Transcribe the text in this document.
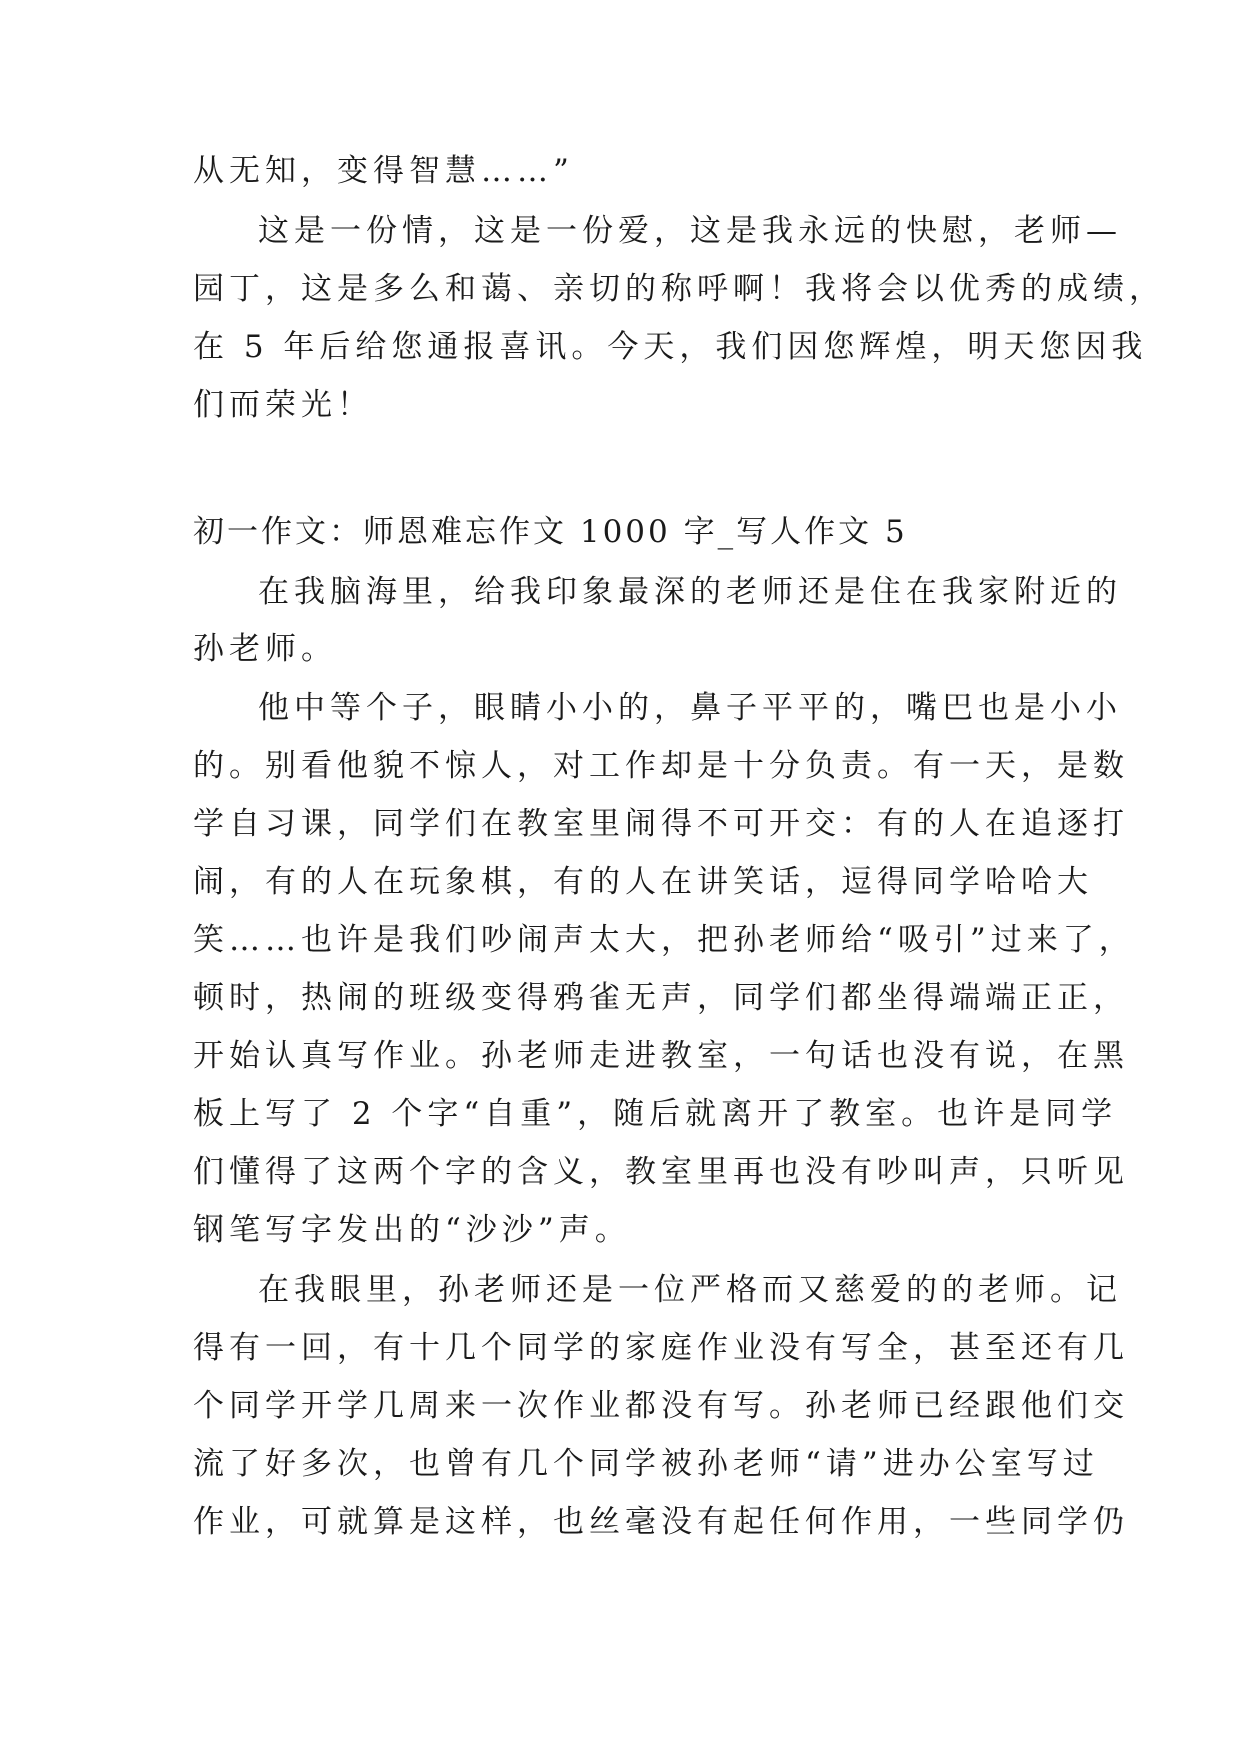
从无知，变得智慧……”
这是一份情，这是一份爱，这是我永远的快慰，老师—
园丁，这是多么和蔼、亲切的称呼啊！我将会以优秀的成绩，
在 5 年后给您通报喜讯。今天，我们因您辉煌，明天您因我
们而荣光！
初一作文：师恩难忘作文 1000 字_写人作文 5
在我脑海里，给我印象最深的老师还是住在我家附近的
孙老师。
他中等个子，眼睛小小的，鼻子平平的，嘴巴也是小小
的。别看他貌不惊人，对工作却是十分负责。有一天，是数
学自习课，同学们在教室里闹得不可开交：有的人在追逐打
闹，有的人在玩象棋，有的人在讲笑话，逗得同学哈哈大
笑……也许是我们吵闹声太大，把孙老师给“吸引”过来了，
顿时，热闹的班级变得鸦雀无声，同学们都坐得端端正正，
开始认真写作业。孙老师走进教室，一句话也没有说，在黑
板上写了 2 个字“自重”，随后就离开了教室。也许是同学
们懂得了这两个字的含义，教室里再也没有吵叫声，只听见
钢笔写字发出的“沙沙”声。
在我眼里，孙老师还是一位严格而又慈爱的的老师。记
得有一回，有十几个同学的家庭作业没有写全，甚至还有几
个同学开学几周来一次作业都没有写。孙老师已经跟他们交
流了好多次，也曾有几个同学被孙老师“请”进办公室写过
作业，可就算是这样，也丝毫没有起任何作用，一些同学仍
